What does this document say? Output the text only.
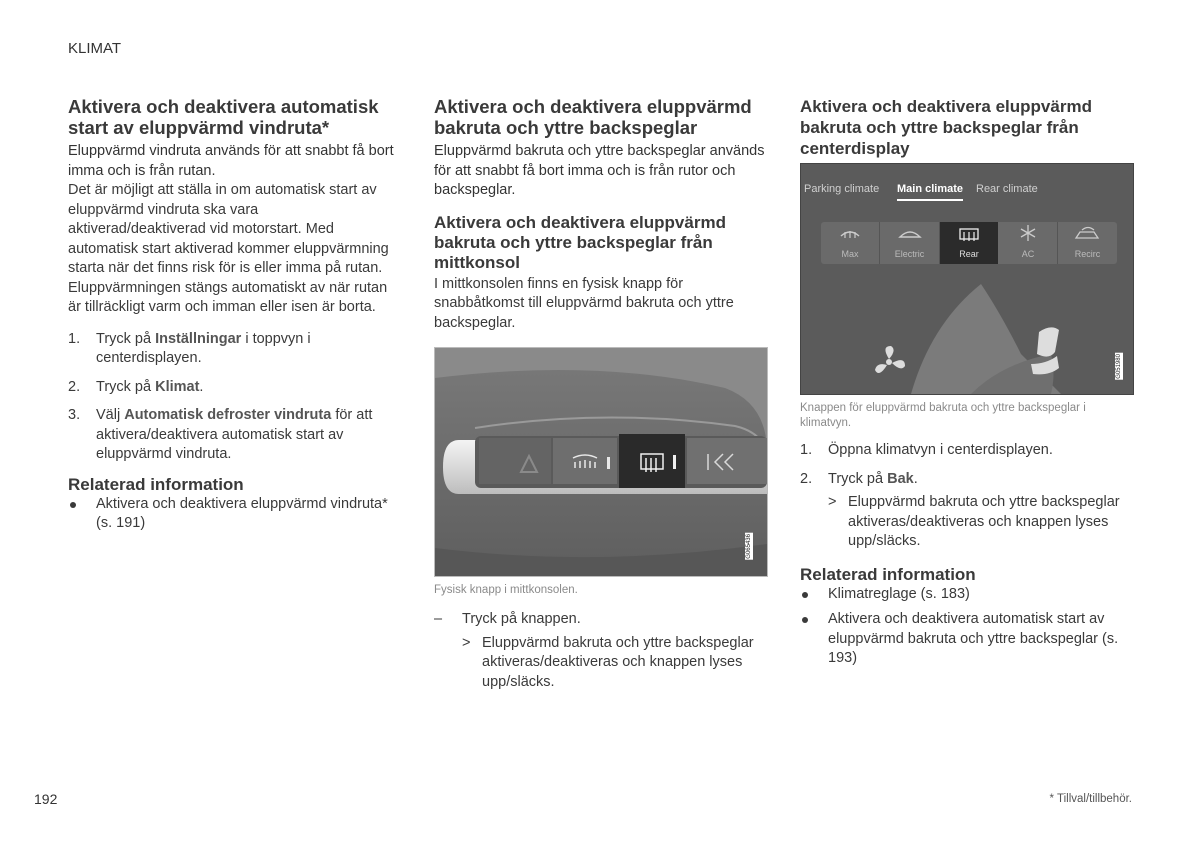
KLIMAT
Aktivera och deaktivera automatisk start av eluppvärmd vindruta*

Eluppvärmd vindruta används för att snabbt få bort imma och is från rutan.

Det är möjligt att ställa in om automatisk start av eluppvärmd vindruta ska vara aktiverad/deaktiverad vid motorstart. Med automatisk start aktiverad kommer eluppvärmning starta när det finns risk för is eller imma på rutan. Eluppvärmningen stängs automatiskt av när rutan är tillräckligt varm och imman eller isen är borta.

1. Tryck på Inställningar i toppvyn i centerdisplayen.
2. Tryck på Klimat.
3. Välj Automatisk defroster vindruta för att aktivera/deaktivera automatisk start av eluppvärmd vindruta.
Relaterad information
Aktivera och deaktivera eluppvärmd vindruta* (s. 191)
Aktivera och deaktivera eluppvärmd bakruta och yttre backspeglar

Eluppvärmd bakruta och yttre backspeglar används för att snabbt få bort imma och is från rutor och backspeglar.

Aktivera och deaktivera eluppvärmd bakruta och yttre backspeglar från mittkonsol

I mittkonsolen finns en fysisk knapp för snabbåtkomst till eluppvärmd bakruta och yttre backspeglar.

G065436
Fysisk knapp i mittkonsolen.
– Tryck på knappen.
> Eluppvärmd bakruta och yttre backspeglar aktiveras/deaktiveras och knappen lyses upp/släcks.
Aktivera och deaktivera eluppvärmd bakruta och yttre backspeglar från centerdisplay
Parking climate Main climate Rear climate
Max	Electric	Rear	AC	Recirc
G051980
Knappen för eluppvärmd bakruta och yttre backspeglar i klimatvyn.
1. Öppna klimatvyn i centerdisplayen.
2. Tryck på Bak.
> Eluppvärmd bakruta och yttre backspeglar aktiveras/deaktiveras och knappen lyses upp/släcks.
Relaterad information
Klimatreglage (s. 183)
Aktivera och deaktivera automatisk start av eluppvärmd bakruta och yttre backspeglar (s. 193)
192	* Tillval/tillbehör.
